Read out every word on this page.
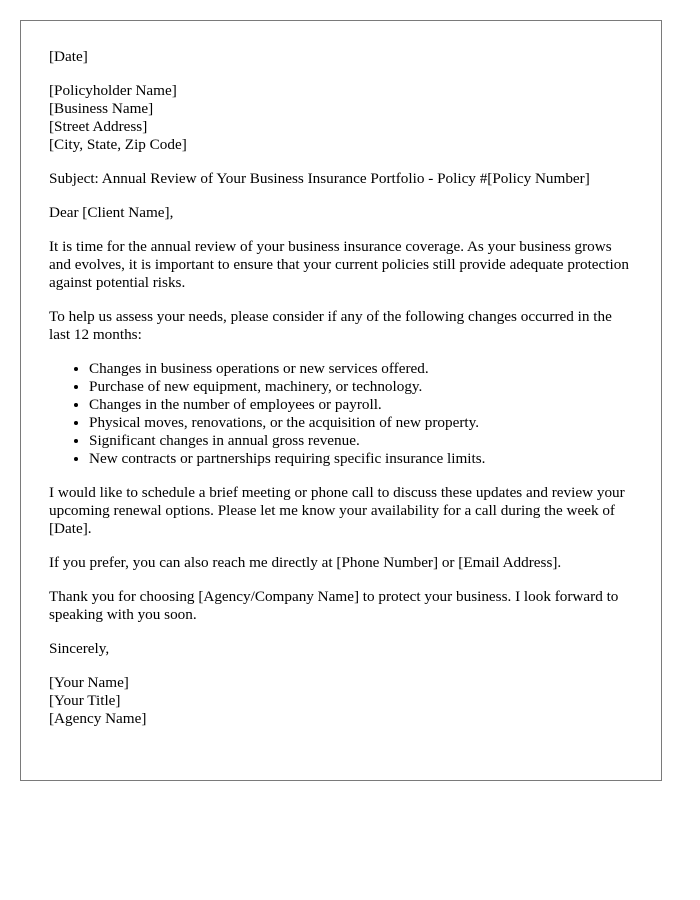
[Date]
[Policyholder Name]
[Business Name]
[Street Address]
[City, State, Zip Code]
Subject: Annual Review of Your Business Insurance Portfolio - Policy #[Policy Number]
Dear [Client Name],
It is time for the annual review of your business insurance coverage. As your business grows and evolves, it is important to ensure that your current policies still provide adequate protection against potential risks.
To help us assess your needs, please consider if any of the following changes occurred in the last 12 months:
• Changes in business operations or new services offered.
• Purchase of new equipment, machinery, or technology.
• Changes in the number of employees or payroll.
• Physical moves, renovations, or the acquisition of new property.
• Significant changes in annual gross revenue.
• New contracts or partnerships requiring specific insurance limits.
I would like to schedule a brief meeting or phone call to discuss these updates and review your upcoming renewal options. Please let me know your availability for a call during the week of [Date].
If you prefer, you can also reach me directly at [Phone Number] or [Email Address].
Thank you for choosing [Agency/Company Name] to protect your business. I look forward to speaking with you soon.
Sincerely,
[Your Name]
[Your Title]
[Agency Name]
